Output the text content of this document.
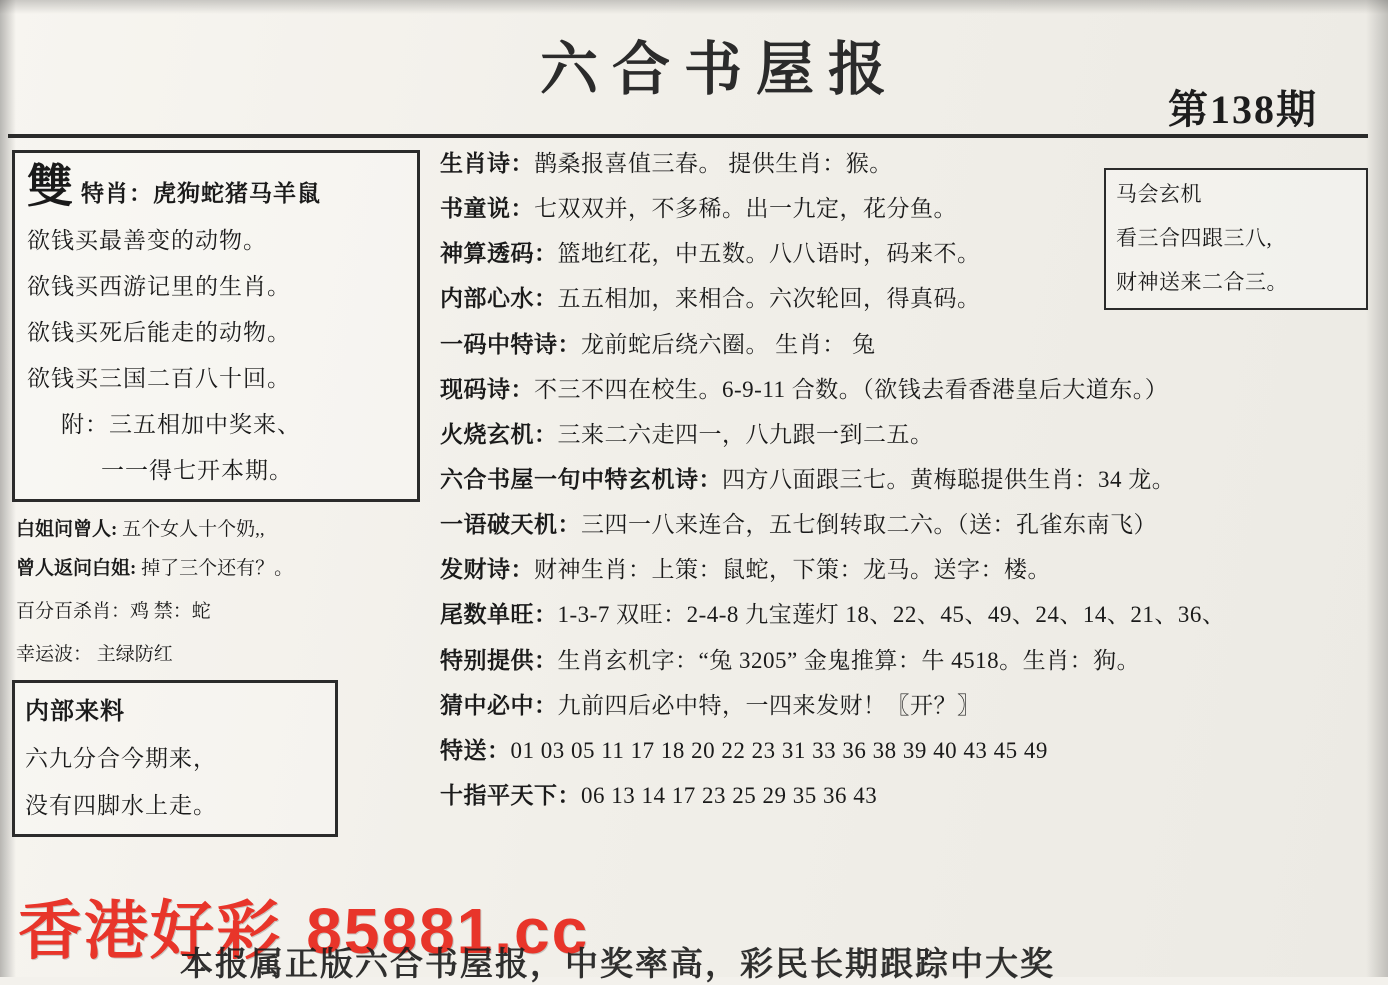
六合书屋报
第138期
雙 特肖：虎狗蛇猪马羊鼠
欲钱买最善变的动物。
欲钱买西游记里的生肖。
欲钱买死后能走的动物。
欲钱买三国二百八十回。
附：三五相加中奖来、
一一得七开本期。
白姐问曾人: 五个女人十个奶,,
曾人返问白姐: 掉了三个还有？。
百分百杀肖：鸡 禁：蛇
幸运波： 主绿防红
内部来料
六九分合今期来，
没有四脚水上走。
马会玄机
看三合四跟三八,
财神送来二合三。
生肖诗：鹊桑报喜值三春。 提供生肖：猴。
书童说：七双双并，不多稀。出一九定，花分鱼。
神算透码：篮地红花，中五数。八八语时，码来不。
内部心水：五五相加，来相合。六次轮回，得真码。
一码中特诗：龙前蛇后绕六圈。 生肖： 兔
现码诗：不三不四在校生。6-9-11 合数。（欲钱去看香港皇后大道东。）
火烧玄机：三来二六走四一，八九跟一到二五。
六合书屋一句中特玄机诗：四方八面跟三七。黄梅聪提供生肖：34 龙。
一语破天机：三四一八来连合，五七倒转取二六。（送：孔雀东南飞）
发财诗：财神生肖：上策：鼠蛇，下策：龙马。送字：楼。
尾数单旺：1-3-7 双旺：2-4-8 九宝莲灯 18、22、45、49、24、14、21、36、
特别提供：生肖玄机字：“兔 3205” 金鬼推算：牛 4518。生肖：狗。
猜中必中：九前四后必中特，一四来发财！〖开？〗
特送：01 03 05 11 17 18 20 22 23 31 33 36 38 39 40 43 45 49
十指平天下：06 13 14 17 23 25 29 35 36 43
香港好彩 85881.cc
本报属正版六合书屋报，中奖率高，彩民长期跟踪中大奖
